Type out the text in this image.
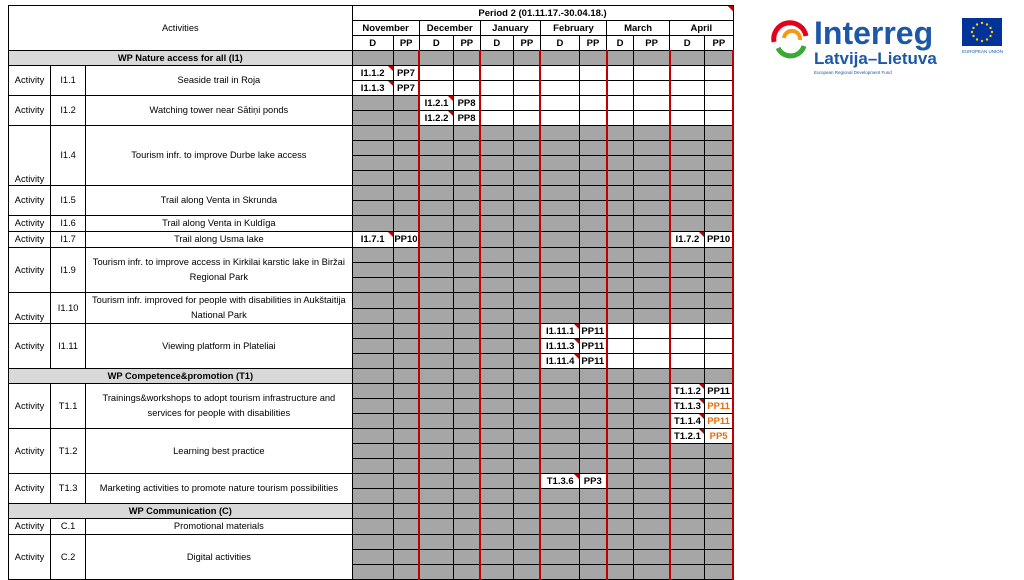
Activities			Period 2 (01.11.17.-30.04.18.)											
			November		December		January		February		March		April	
			D	PP	D	PP	D	PP	D	PP	D	PP	D	PP
WP Nature access for all (I1)														
Activity	I1.1	Seaside trail in Roja	I1.1.2	PP7										
			I1.1.3	PP7										
Activity	I1.2	Watching tower near Sātiņi ponds			I1.2.1	PP8								
					I1.2.2	PP8								
Activity	I1.4	Tourism infr. to improve Durbe lake access												

Activity	I1.5	Trail along Venta in Skrunda												

Activity	I1.6	Trail along Venta in Kuldīga												
Activity	I1.7	Trail along Usma lake	I1.7.1	PP10									I1.7.2	PP10
Activity	I1.9	Tourism infr. to improve access in Kirkilai karstic lake in Biržai Regional Park												

Activity	I1.10	Tourism infr. improved for people with disabilities in Aukštaitija National Park												

Activity	I1.11	Viewing platform in Plateliai							I1.11.1	PP11				
									I1.11.3	PP11				
									I1.11.4	PP11				
WP Competence&promotion (T1)														
Activity	T1.1	Trainings&workshops to adopt tourism infrastructure and services for people with disabilities											T1.1.2	PP11
													T1.1.3	PP11

													T1.1.4	PP11

Activity	T1.2	Learning best practice											T1.2.1	PP5

Activity	T1.3	Marketing activities to promote nature tourism possibilities							T1.3.6	PP3				

WP Communication (C)														
Activity	C.1	Promotional materials												
Activity	C.2	Digital activities												

Interreg
Latvija–Lietuva
European Regional Development Fund
EUROPEAN UNION
